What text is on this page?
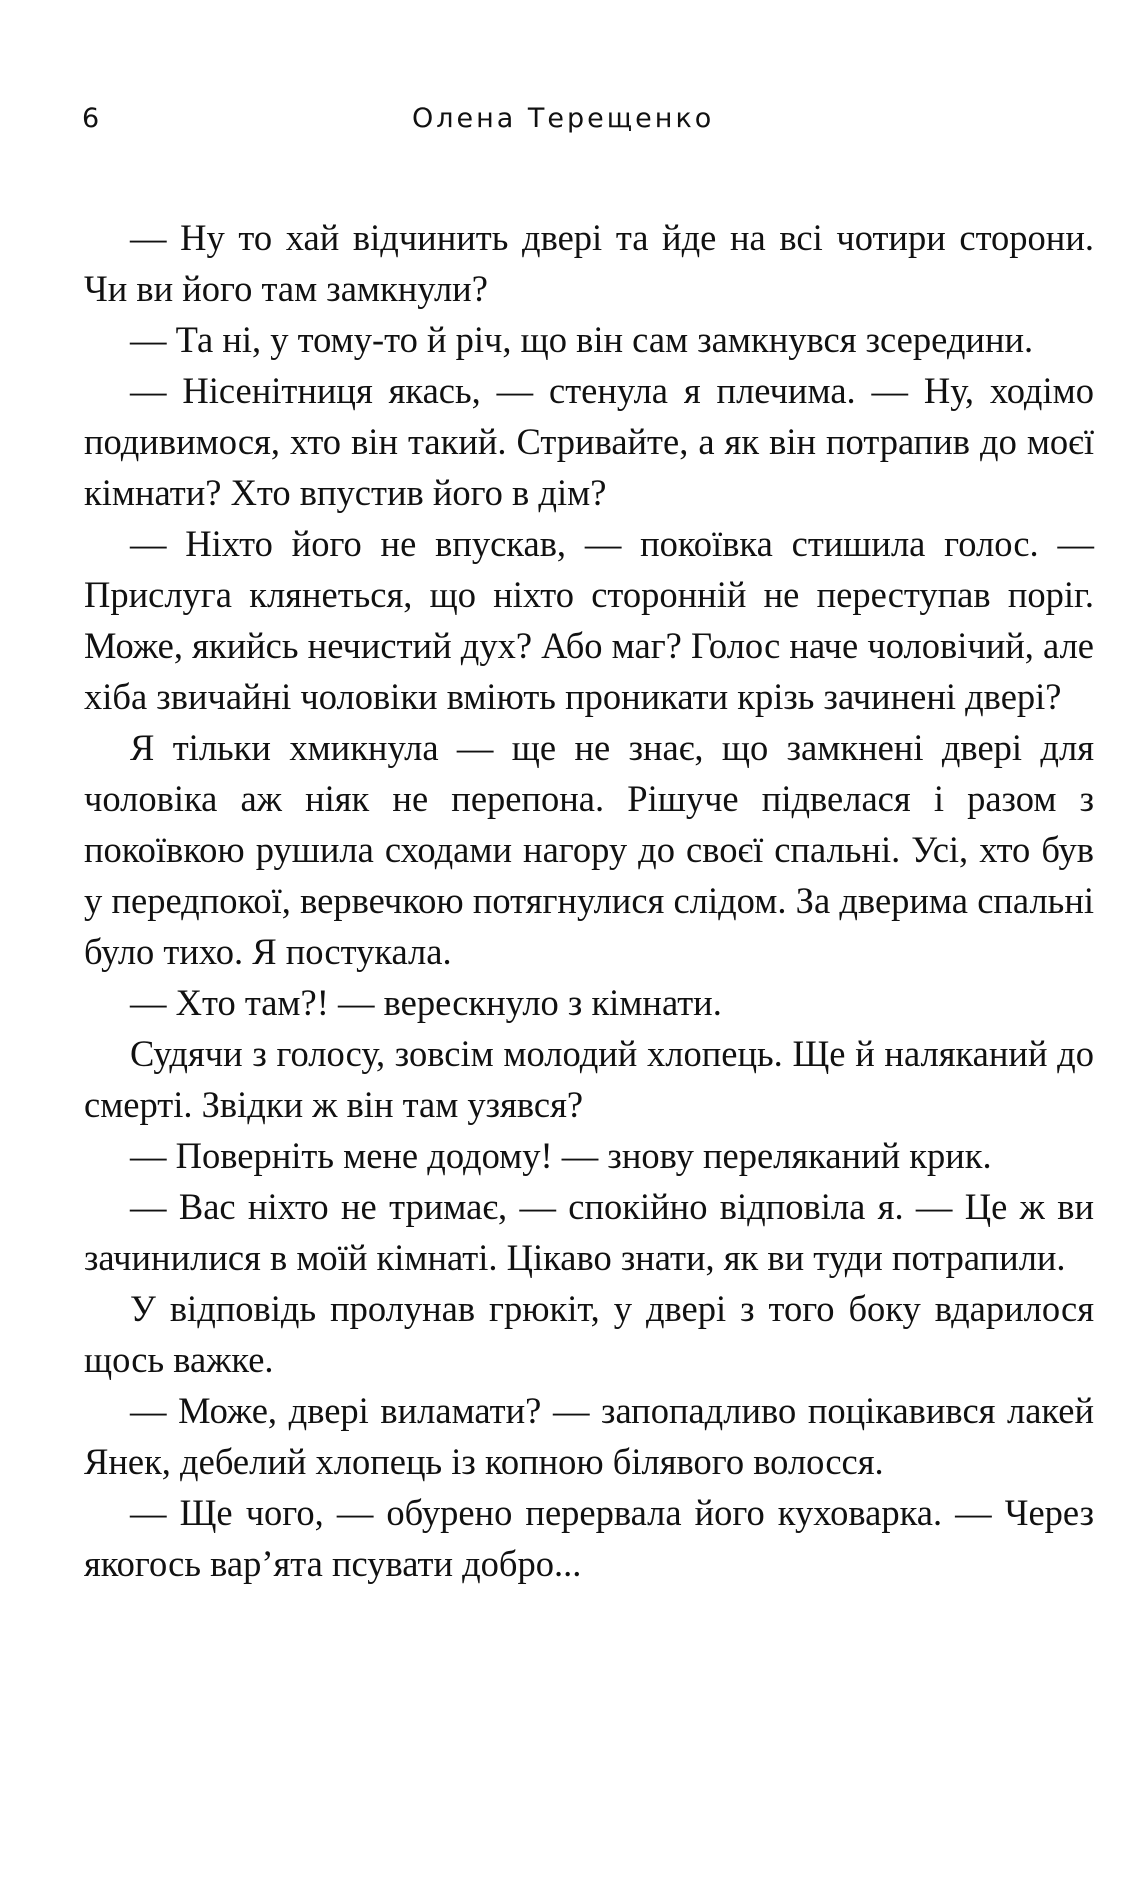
6	Олена Терещенко

— Ну то хай відчинить двері та йде на всі чотири сторони. Чи ви його там замкнули?

— Та ні, у тому-то й річ, що він сам замкнувся зсередини.

— Нісенітниця якась, — стенула я плечима. — Ну, ходімо подивимося, хто він такий. Стривайте, а як він потрапив до моєї кімнати? Хто впустив його в дім?

— Ніхто його не впускав, — покоївка стишила голос. — Прислуга клянеться, що ніхто сторонній не переступав поріг. Може, якийсь нечистий дух? Або маг? Голос наче чоловічий, але хіба звичайні чоловіки вміють проникати крізь зачинені двері?

Я тільки хмикнула — ще не знає, що замкнені двері для чоловіка аж ніяк не перепона. Рішуче підвелася і разом з покоївкою рушила сходами нагору до своєї спальні. Усі, хто був у передпокої, вервечкою потягнулися слідом. За дверима спальні було тихо. Я постукала.

— Хто там?! — верескнуло з кімнати.

Судячи з голосу, зовсім молодий хлопець. Ще й наляканий до смерті. Звідки ж він там узявся?

— Поверніть мене додому! — знову переляканий крик.

— Вас ніхто не тримає, — спокійно відповіла я. — Це ж ви зачинилися в моїй кімнаті. Цікаво знати, як ви туди потрапили.

У відповідь пролунав грюкіт, у двері з того боку вдарилося щось важке.

— Може, двері виламати? — запопадливо поцікавився лакей Янек, дебелий хлопець із копною білявого волосся.

— Ще чого, — обурено перервала його куховарка. — Через якогось вар’ята псувати добро...
